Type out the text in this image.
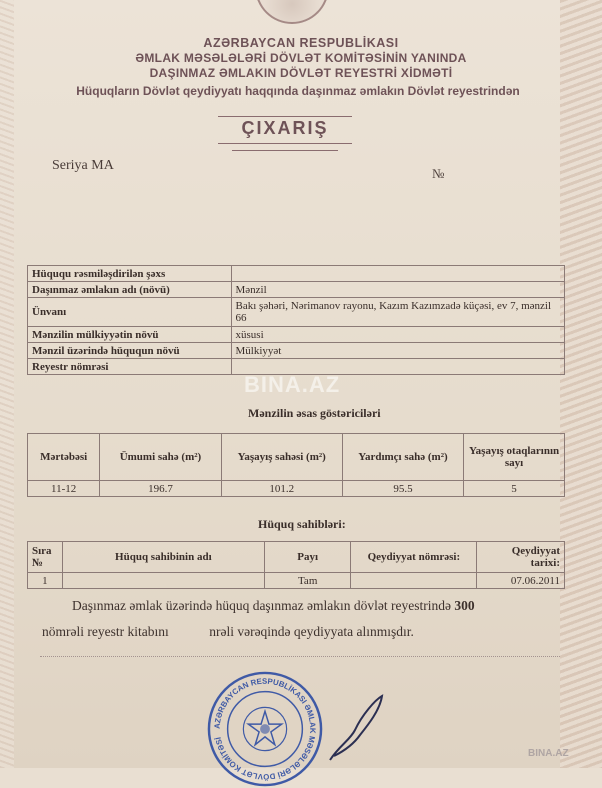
AZƏRBAYCAN RESPUBLİKASI
ƏMLAK MƏSƏLƏLƏRİ DÖVLƏT KOMİTƏSİNİN YANINDA
DAŞINMAZ ƏMLAKIN DÖVLƏT REYESTRİ XİDMƏTİ
Hüquqların Dövlət qeydiyyatı haqqında daşınmaz əmlakın Dövlət reyestrindən
ÇIXARIŞ
Seriya MA
№
Hüququ rəsmiləşdirilən şəxs	
Daşınmaz əmlakın adı (növü)	Mənzil
Ünvanı	Bakı şəhəri, Nərimanov rayonu, Kazım Kazımzadə küçəsi, ev 7, mənzil 66
Mənzilin mülkiyyətin növü	xüsusi
Mənzil üzərində hüququn növü	Mülkiyyət
Reyestr nömrəsi	
BINA.AZ
Mənzilin əsas göstəriciləri
Mərtəbəsi	Ümumi sahə (m²)	Yaşayış sahəsi (m²)	Yardımçı sahə (m²)	Yaşayış otaqlarının sayı
11-12	196.7	101.2	95.5	5
Hüquq sahibləri:
Sıra №	Hüquq sahibinin adı	Payı	Qeydiyyat nömrəsi:	Qeydiyyat tarixi:
1		Tam		07.06.2011
Daşınmaz əmlak üzərində hüquq daşınmaz əmlakın dövlət reyestrində 300
nömrəli reyestr kitabını            nrəli vərəqində qeydiyyata alınmışdır.
AZƏRBAYCAN RESPUBLİKASI ƏMLAK MƏSƏLƏLƏRİ DÖVLƏT KOMİTƏSİ
BINA.AZ
